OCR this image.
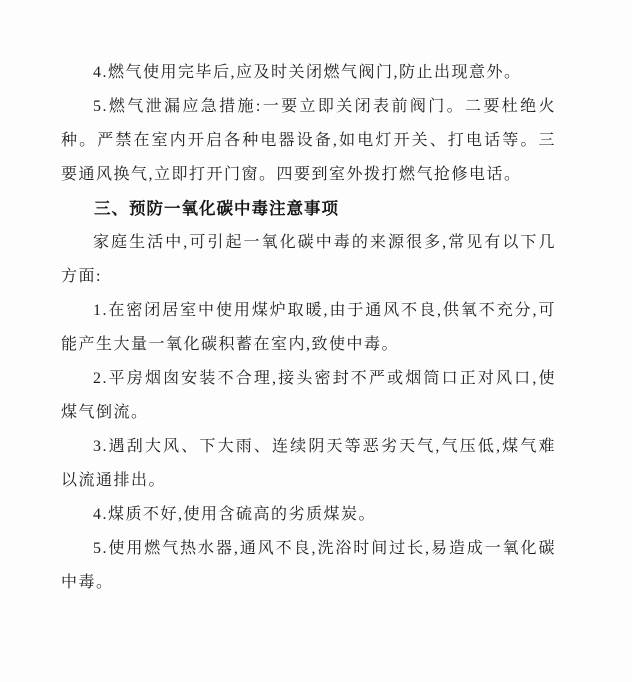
4.燃气使用完毕后,应及时关闭燃气阀门,防止出现意外。

5.燃气泄漏应急措施:一要立即关闭表前阀门。二要杜绝火种。严禁在室内开启各种电器设备,如电灯开关、打电话等。三要通风换气,立即打开门窗。四要到室外拨打燃气抢修电话。

三、预防一氧化碳中毒注意事项

家庭生活中,可引起一氧化碳中毒的来源很多,常见有以下几方面:

1.在密闭居室中使用煤炉取暖,由于通风不良,供氧不充分,可能产生大量一氧化碳积蓄在室内,致使中毒。

2.平房烟囱安装不合理,接头密封不严或烟筒口正对风口,使煤气倒流。

3.遇刮大风、下大雨、连续阴天等恶劣天气,气压低,煤气难以流通排出。

4.煤质不好,使用含硫高的劣质煤炭。

5.使用燃气热水器,通风不良,洗浴时间过长,易造成一氧化碳中毒。
